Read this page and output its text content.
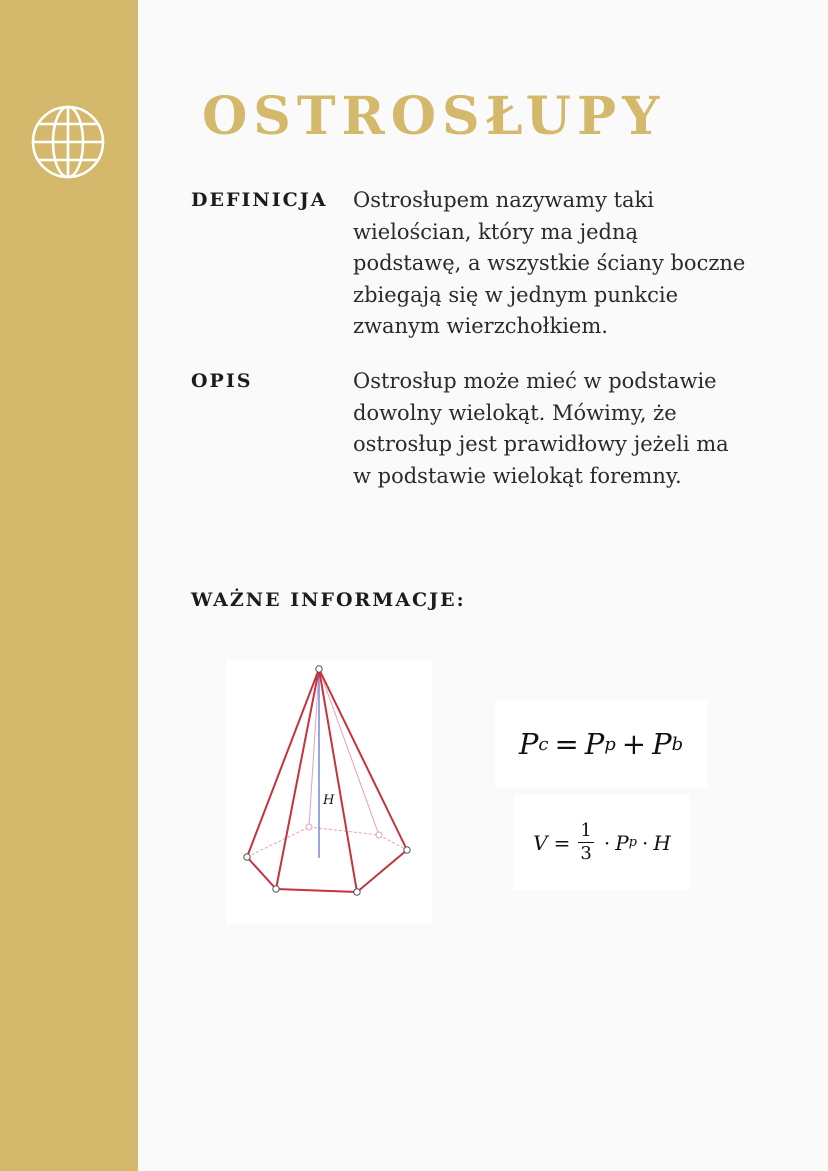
OSTROSŁUPY
DEFINICJA Ostrosłupem nazywamy taki
wielościan, który ma jedną
podstawę, a wszystkie ściany boczne
zbiegają się w jednym punkcie
zwanym wierzchołkiem.

OPIS	Ostrosłup może mieć w podstawie
dowolny wielokąt. Mówimy, że
ostrosłup jest prawidłowy jeżeli ma
w podstawie wielokąt foremny.

WAŻNE INFORMACJE:
H
P c = P p + P b
$V = \frac{1}{3} \cdot P$ p · H
